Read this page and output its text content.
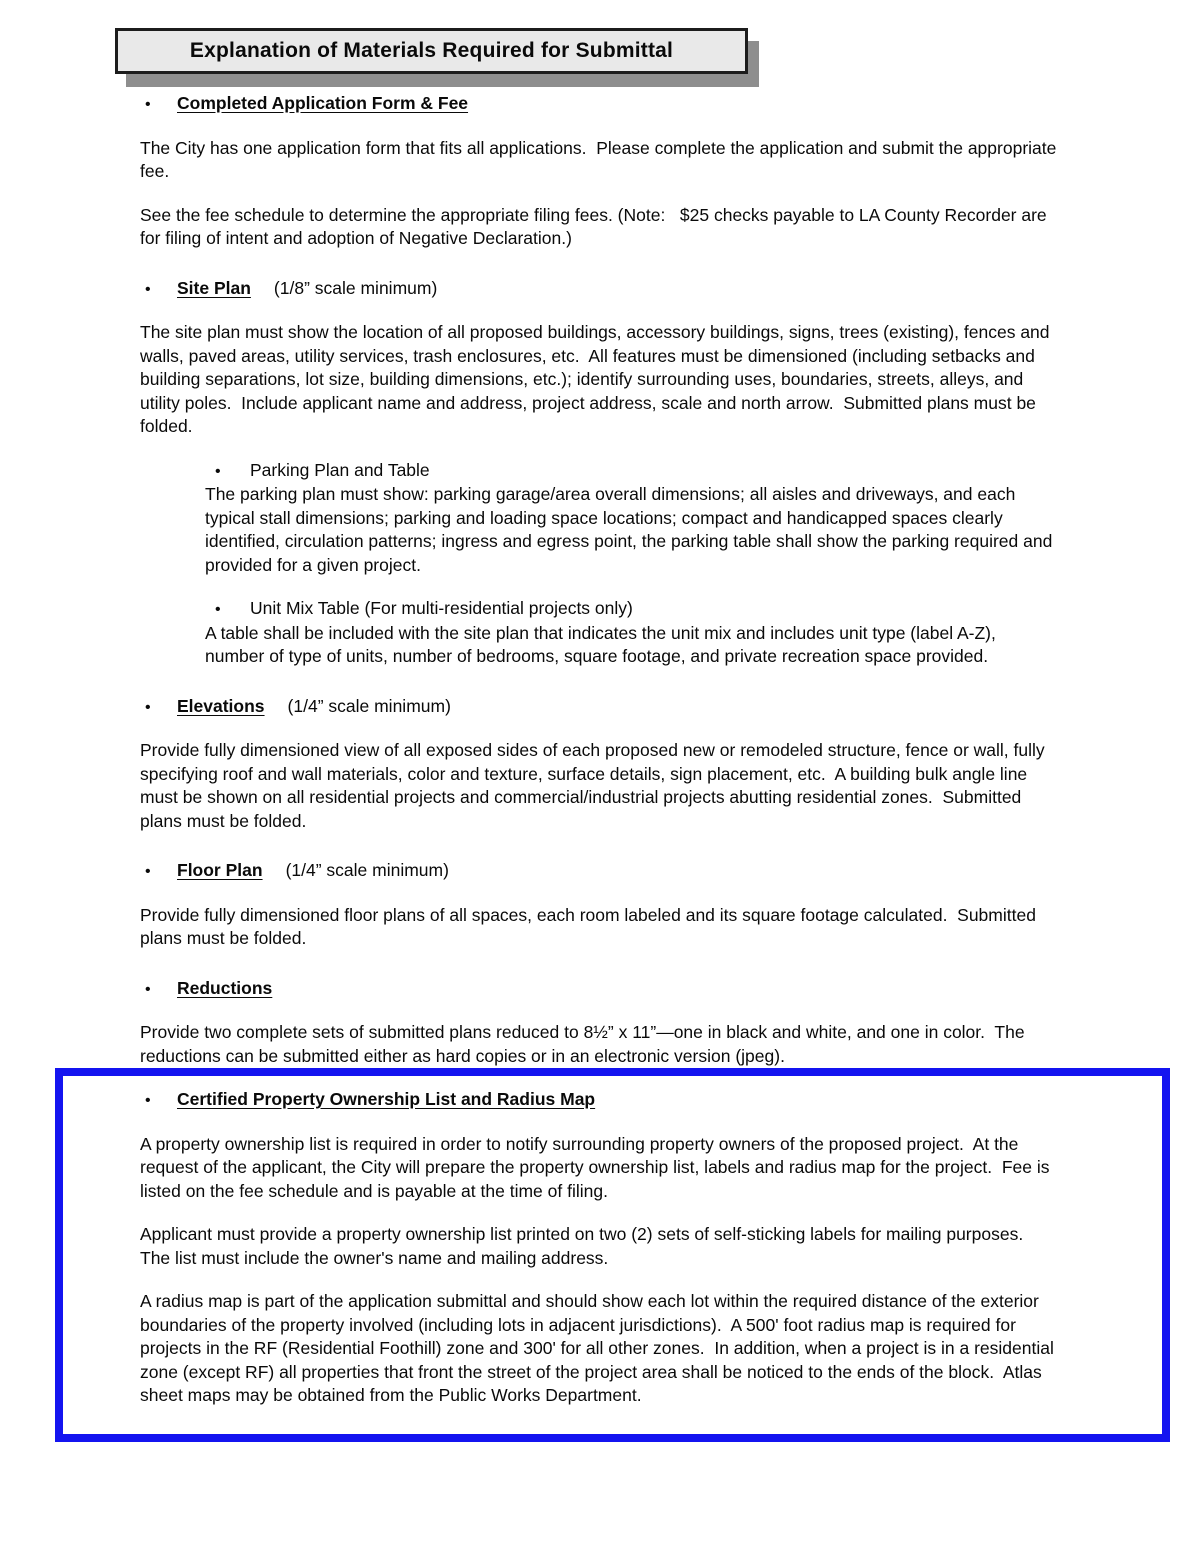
Explanation of Materials Required for Submittal
•	Completed Application Form & Fee

The City has one application form that fits all applications.  Please complete the application and submit the appropriate fee.

See the fee schedule to determine the appropriate filing fees. (Note:   $25 checks payable to LA County Recorder are for filing of intent and adoption of Negative Declaration.)

•	Site Plan (1/8” scale minimum)

The site plan must show the location of all proposed buildings, accessory buildings, signs, trees (existing), fences and walls, paved areas, utility services, trash enclosures, etc.  All features must be dimensioned (including setbacks and building separations, lot size, building dimensions, etc.); identify surrounding uses, boundaries, streets, alleys, and utility poles.  Include applicant name and address, project address, scale and north arrow.  Submitted plans must be folded.

•	Parking Plan and Table

The parking plan must show: parking garage/area overall dimensions; all aisles and driveways, and each typical stall dimensions; parking and loading space locations; compact and handicapped spaces clearly identified, circulation patterns; ingress and egress point, the parking table shall show the parking required and provided for a given project.

•	Unit Mix Table (For multi-residential projects only)

A table shall be included with the site plan that indicates the unit mix and includes unit type (label A-Z), number of type of units, number of bedrooms, square footage, and private recreation space provided.

•	Elevations (1/4” scale minimum)

Provide fully dimensioned view of all exposed sides of each proposed new or remodeled structure, fence or wall, fully specifying roof and wall materials, color and texture, surface details, sign placement, etc.  A building bulk angle line must be shown on all residential projects and commercial/industrial projects abutting residential zones.  Submitted plans must be folded.

•	Floor Plan (1/4” scale minimum)

Provide fully dimensioned floor plans of all spaces, each room labeled and its square footage calculated.  Submitted plans must be folded.

•	Reductions

Provide two complete sets of submitted plans reduced to 8½” x 11”—one in black and white, and one in color.  The reductions can be submitted either as hard copies or in an electronic version (jpeg).

•	Certified Property Ownership List and Radius Map

A property ownership list is required in order to notify surrounding property owners of the proposed project.  At the request of the applicant, the City will prepare the property ownership list, labels and radius map for the project.  Fee is listed on the fee schedule and is payable at the time of filing.

Applicant must provide a property ownership list printed on two (2) sets of self-sticking labels for mailing purposes.  The list must include the owner's name and mailing address.

A radius map is part of the application submittal and should show each lot within the required distance of the exterior boundaries of the property involved (including lots in adjacent jurisdictions).  A 500' foot radius map is required for projects in the RF (Residential Foothill) zone and 300' for all other zones.  In addition, when a project is in a residential zone (except RF) all properties that front the street of the project area shall be noticed to the ends of the block.  Atlas sheet maps may be obtained from the Public Works Department.
